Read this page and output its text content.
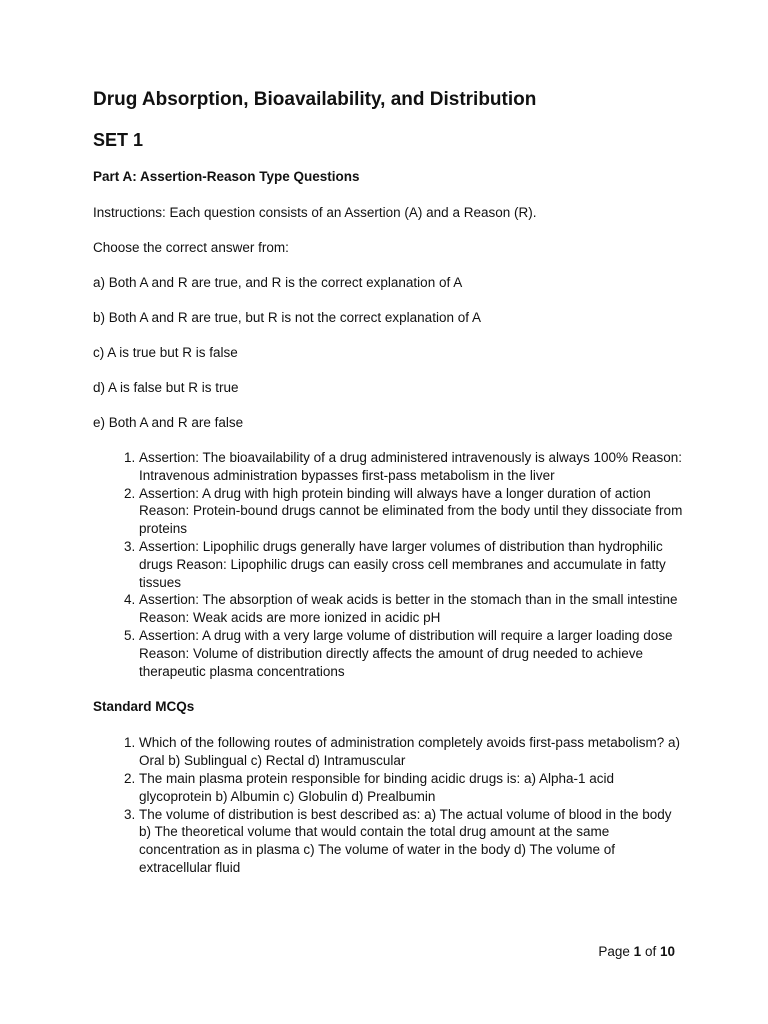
Drug Absorption, Bioavailability, and Distribution
SET 1
Part A: Assertion-Reason Type Questions

Instructions: Each question consists of an Assertion (A) and a Reason (R).

Choose the correct answer from:

a) Both A and R are true, and R is the correct explanation of A

b) Both A and R are true, but R is not the correct explanation of A

c) A is true but R is false

d) A is false but R is true

e) Both A and R are false

1. Assertion: The bioavailability of a drug administered intravenously is always 100% Reason: Intravenous administration bypasses first-pass metabolism in the liver
2. Assertion: A drug with high protein binding will always have a longer duration of action Reason: Protein-bound drugs cannot be eliminated from the body until they dissociate from proteins
3. Assertion: Lipophilic drugs generally have larger volumes of distribution than hydrophilic drugs Reason: Lipophilic drugs can easily cross cell membranes and accumulate in fatty tissues
4. Assertion: The absorption of weak acids is better in the stomach than in the small intestine Reason: Weak acids are more ionized in acidic pH
5. Assertion: A drug with a very large volume of distribution will require a larger loading dose Reason: Volume of distribution directly affects the amount of drug needed to achieve therapeutic plasma concentrations
Standard MCQs
1. Which of the following routes of administration completely avoids first-pass metabolism? a) Oral b) Sublingual c) Rectal d) Intramuscular
2. The main plasma protein responsible for binding acidic drugs is: a) Alpha-1 acid glycoprotein b) Albumin c) Globulin d) Prealbumin
3. The volume of distribution is best described as: a) The actual volume of blood in the body b) The theoretical volume that would contain the total drug amount at the same concentration as in plasma c) The volume of water in the body d) The volume of extracellular fluid
Page 1 of 10
